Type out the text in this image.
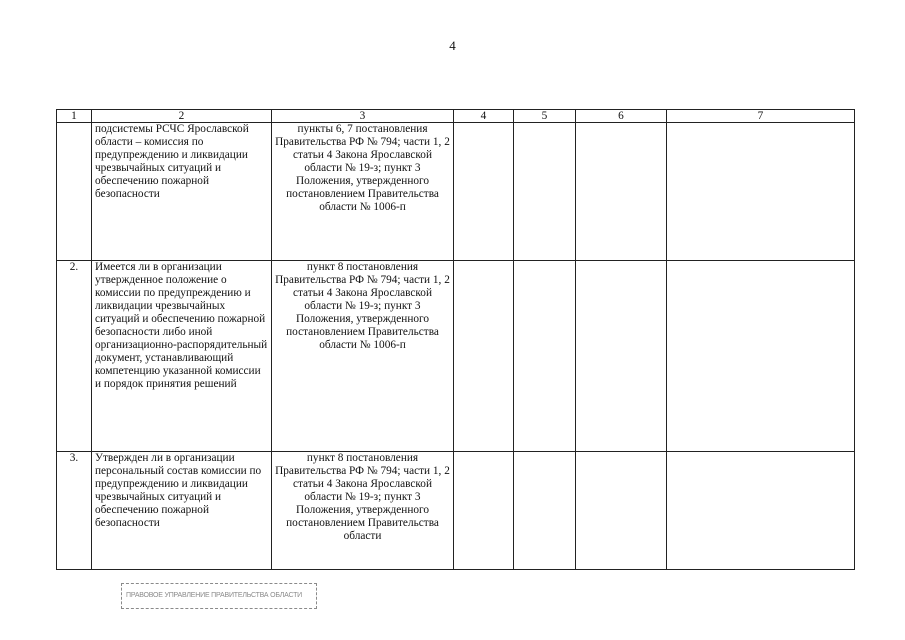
4
1	2	3	4	5	6	7
	подсистемы РСЧС Ярославской области – комиссия по предупреждению и ликвидации чрезвычайных ситуаций и обеспечению пожарной безопасности	пункты 6, 7 постановления Правительства РФ № 794; части 1, 2 статьи 4 Закона Ярославской области № 19-з; пункт 3 Положения, утвержденного постановлением Правительства области № 1006-п				
2.	Имеется ли в организации утвержденное положение о комиссии по предупреждению и ликвидации чрезвычайных ситуаций и обеспечению пожарной безопасности либо иной организационно-распорядительный документ, устанавливающий компетенцию указанной комиссии и порядок принятия решений	пункт 8 постановления Правительства РФ № 794; части 1, 2 статьи 4 Закона Ярославской области № 19-з; пункт 3 Положения, утвержденного постановлением Правительства области № 1006-п				
3.	Утвержден ли в организации персональный состав комиссии по предупреждению и ликвидации чрезвычайных ситуаций и обеспечению пожарной безопасности	пункт 8 постановления Правительства РФ № 794; части 1, 2 статьи 4 Закона Ярославской области № 19-з; пункт 3 Положения, утвержденного постановлением Правительства области				
ПРАВОВОЕ УПРАВЛЕНИЕ ПРАВИТЕЛЬСТВА ОБЛАСТИ
